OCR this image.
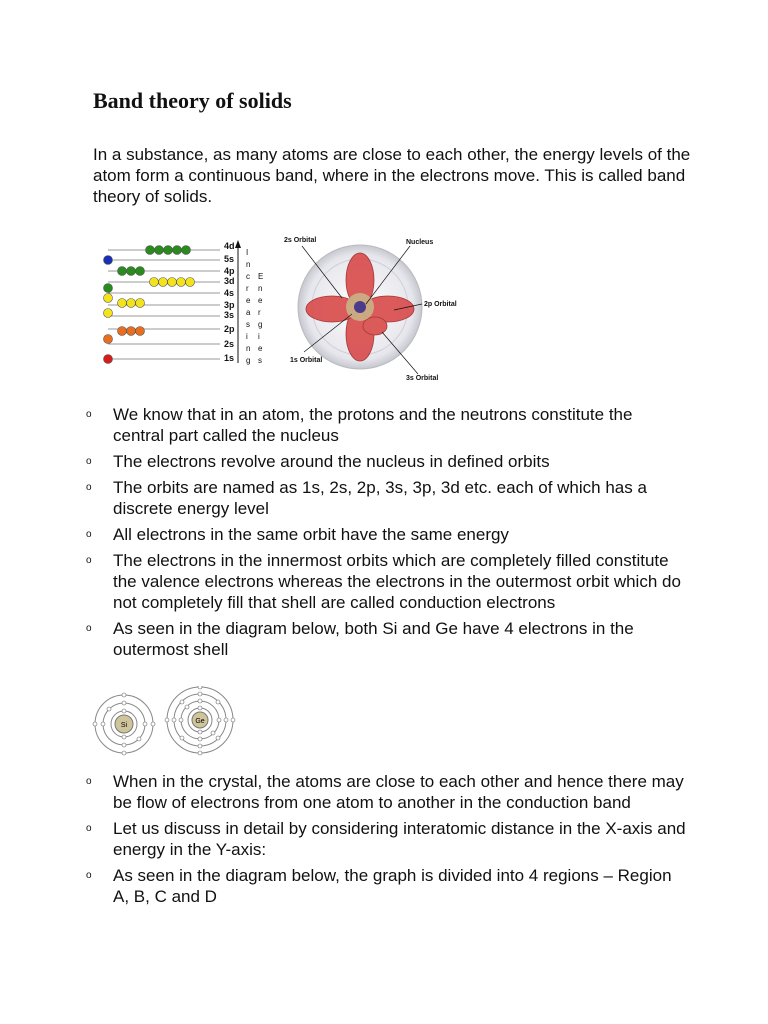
Band theory of solids

In a substance, as many atoms are close to each other, the energy levels of the atom form a continuous band, where in the electrons move. This is called band theory of solids.

4d
5s
4p
3d
4s
3p
3s
2p
2s
1s
I
n
c
r
e
a
s
i
n
g
E
n
e
r
g
i
e
s
2s Orbital	Nucleus
2p Orbital
1s Orbital
3s Orbital
o We know that in an atom, the protons and the neutrons constitute the central part called the nucleus
o The electrons revolve around the nucleus in defined orbits
o The orbits are named as 1s, 2s, 2p, 3s, 3p, 3d etc. each of which has a discrete energy level
o All electrons in the same orbit have the same energy
o The electrons in the innermost orbits which are completely filled constitute the valence electrons whereas the electrons in the outermost orbit which do not completely fill that shell are called conduction electrons
o As seen in the diagram below, both Si and Ge have 4 electrons in the outermost shell
Si
Ge
o When in the crystal, the atoms are close to each other and hence there may be flow of electrons from one atom to another in the conduction band
o Let us discuss in detail by considering interatomic distance in the X-axis and energy in the Y-axis:
o As seen in the diagram below, the graph is divided into 4 regions – Region A, B, C and D
